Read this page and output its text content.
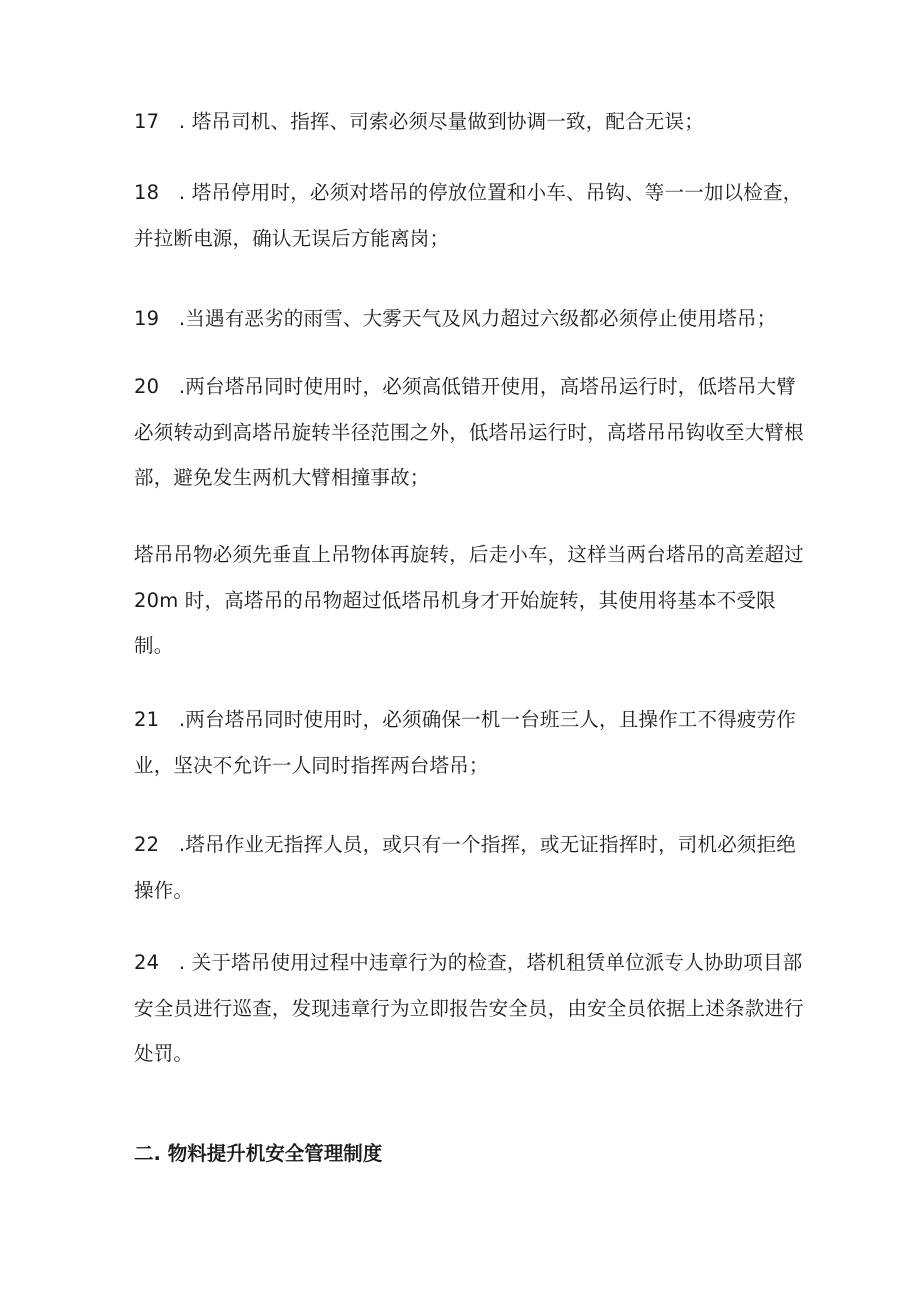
17　. 塔吊司机、指挥、司索必须尽量做到协调一致，配合无误；

18　. 塔吊停用时，必须对塔吊的停放位置和小车、吊钩、等一一加以检查，并拉断电源，确认无误后方能离岗；

19　.当遇有恶劣的雨雪、大雾天气及风力超过六级都必须停止使用塔吊；

20　.两台塔吊同时使用时，必须高低错开使用，高塔吊运行时，低塔吊大臂必须转动到高塔吊旋转半径范围之外，低塔吊运行时，高塔吊吊钩收至大臂根部，避免发生两机大臂相撞事故；

塔吊吊物必须先垂直上吊物体再旋转，后走小车，这样当两台塔吊的高差超过 20m 时，高塔吊的吊物超过低塔吊机身才开始旋转，其使用将基本不受限制。

21　.两台塔吊同时使用时，必须确保一机一台班三人，且操作工不得疲劳作业，坚决不允许一人同时指挥两台塔吊；

22　.塔吊作业无指挥人员，或只有一个指挥，或无证指挥时，司机必须拒绝操作。

24　. 关于塔吊使用过程中违章行为的检查，塔机租赁单位派专人协助项目部安全员进行巡查，发现违章行为立即报告安全员，由安全员依据上述条款进行处罚。

二. 物料提升机安全管理制度
